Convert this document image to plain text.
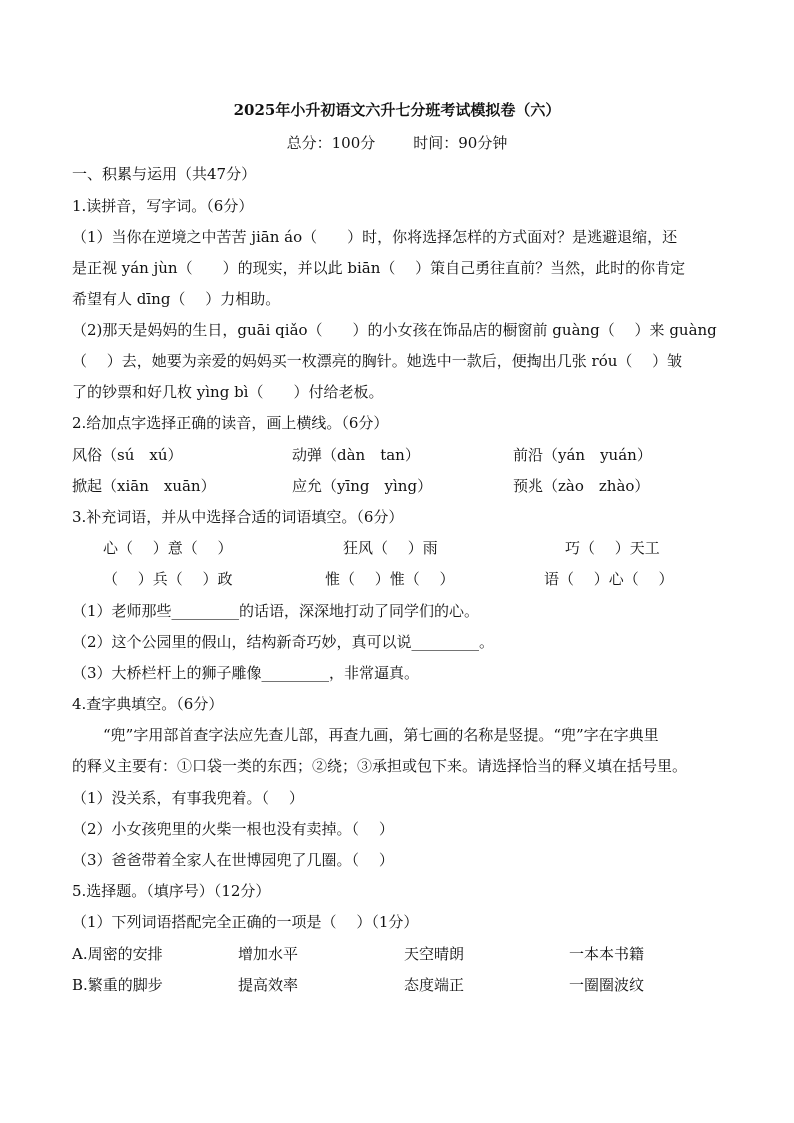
2025年小升初语文六升七分班考试模拟卷（六）
总分：100分	时间：90分钟
一、积累与运用（共47分）
1.读拼音，写字词。（6分）
（1）当你在逆境之中苦苦 jiān áo（　　）时，你将选择怎样的方式面对？是逃避退缩，还
是正视 yán jùn（　　）的现实，并以此 biān（　 ）策自己勇往直前？当然，此时的你肯定
希望有人 dīng（　 ）力相助。
（2)那天是妈妈的生日，guāi qiǎo（　　）的小女孩在饰品店的橱窗前 guàng（　 ）来 guàng
（　 ）去，她要为亲爱的妈妈买一枚漂亮的胸针。她选中一款后，便掏出几张 róu（　 ）皱
了的钞票和好几枚 yìng bì（　　）付给老板。
2.给加点字选择正确的读音，画上横线。（6分）
风俗（sú　xú）	动弹（dàn　tan）	前沿（yán　yuán）
掀起（xiān　xuān）	应允（yīng　yìng）	预兆（zào　zhào）
3.补充词语，并从中选择合适的词语填空。（6分）
心（　 ）意（　 ）	狂风（　 ）雨	巧（　 ）天工
（　 ）兵（　 ）政	惟（　 ）惟（　 ）	语（　 ）心（　 ）
（1）老师那些_________的话语，深深地打动了同学们的心。
（2）这个公园里的假山，结构新奇巧妙，真可以说_________。
（3）大桥栏杆上的狮子雕像_________，非常逼真。
4.查字典填空。（6分）
“兜”字用部首查字法应先查儿部，再查九画，第七画的名称是竖提。“兜”字在字典里
的释义主要有：①口袋一类的东西；②绕；③承担或包下来。请选择恰当的释义填在括号里。
（1）没关系，有事我兜着。（　 ）
（2）小女孩兜里的火柴一根也没有卖掉。（　 ）
（3）爸爸带着全家人在世博园兜了几圈。（　 ）
5.选择题。（填序号）（12分）
（1）下列词语搭配完全正确的一项是（　 ）（1分）
A.周密的安排	增加水平	天空晴朗	一本本书籍
B.繁重的脚步	提高效率	态度端正	一圈圈波纹
